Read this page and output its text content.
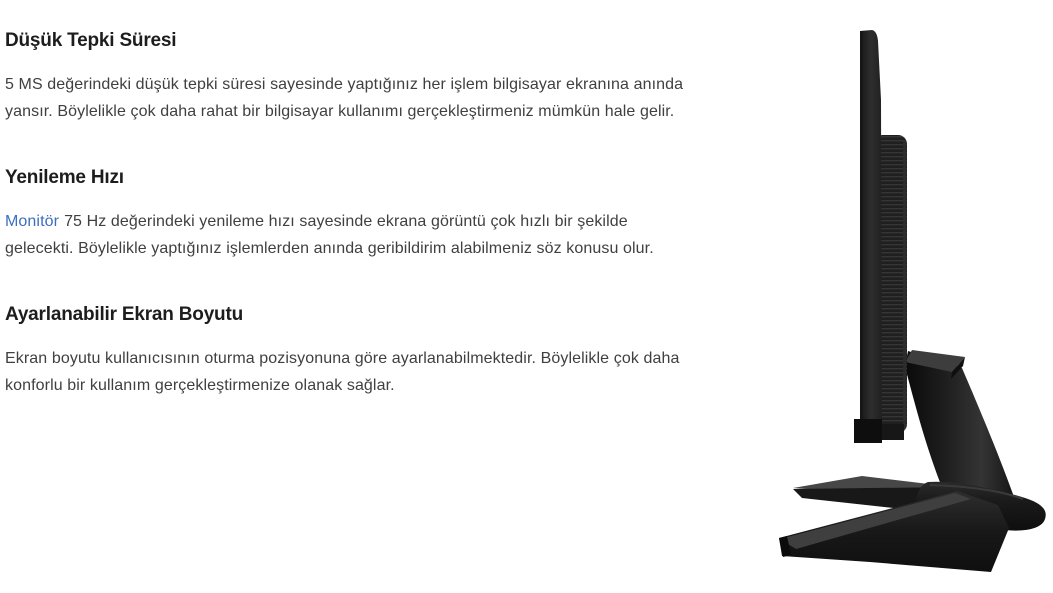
Düşük Tepki Süresi
5 MS değerindeki düşük tepki süresi sayesinde yaptığınız her işlem bilgisayar ekranına anında
yansır. Böylelikle çok daha rahat bir bilgisayar kullanımı gerçekleştirmeniz mümkün hale gelir.
Yenileme Hızı
Monitör 75 Hz değerindeki yenileme hızı sayesinde ekrana görüntü çok hızlı bir şekilde
gelecekti. Böylelikle yaptığınız işlemlerden anında geribildirim alabilmeniz söz konusu olur.
Ayarlanabilir Ekran Boyutu
Ekran boyutu kullanıcısının oturma pozisyonuna göre ayarlanabilmektedir. Böylelikle çok daha
konforlu bir kullanım gerçekleştirmenize olanak sağlar.
